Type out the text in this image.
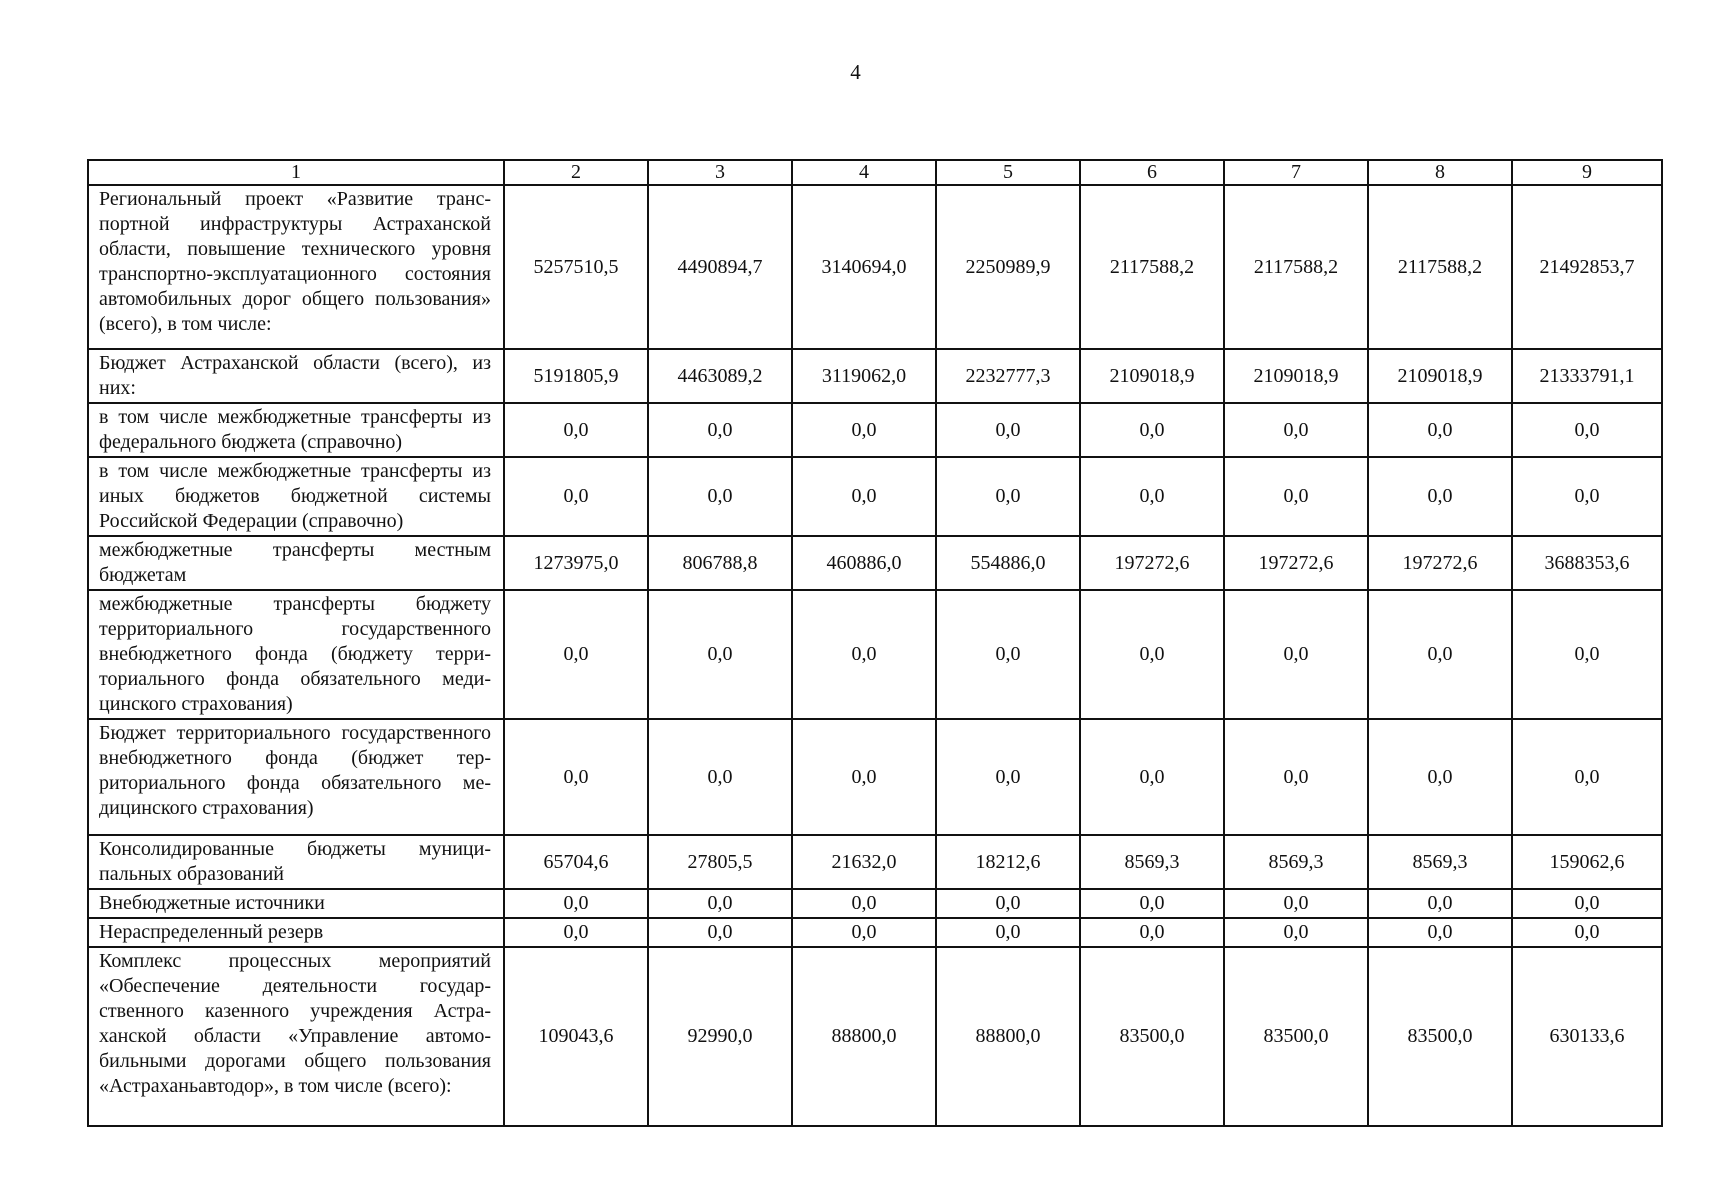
4
1	2	3	4	5	6	7	8	9
Региональный проект «Развитие транспортной инфраструктуры Астраханской области, повышение технического уровня транспортно-эксплуатационного состояния автомобильных дорог общего пользования» (всего), в том числе:	5257510,5	4490894,7	3140694,0	2250989,9	2117588,2	2117588,2	2117588,2	21492853,7
Бюджет Астраханской области (всего), из них:	5191805,9	4463089,2	3119062,0	2232777,3	2109018,9	2109018,9	2109018,9	21333791,1
в том числе межбюджетные трансферты из федерального бюджета (справочно)	0,0	0,0	0,0	0,0	0,0	0,0	0,0	0,0
в том числе межбюджетные трансферты из иных бюджетов бюджетной системы Российской Федерации (справочно)	0,0	0,0	0,0	0,0	0,0	0,0	0,0	0,0
межбюджетные трансферты местным бюджетам	1273975,0	806788,8	460886,0	554886,0	197272,6	197272,6	197272,6	3688353,6
межбюджетные трансферты бюджету территориального государственного внебюджетного фонда (бюджету территориального фонда обязательного медицинского страхования)	0,0	0,0	0,0	0,0	0,0	0,0	0,0	0,0
Бюджет территориального государственного внебюджетного фонда (бюджет территориального фонда обязательного медицинского страхования)	0,0	0,0	0,0	0,0	0,0	0,0	0,0	0,0
Консолидированные бюджеты муниципальных образований	65704,6	27805,5	21632,0	18212,6	8569,3	8569,3	8569,3	159062,6
Внебюджетные источники	0,0	0,0	0,0	0,0	0,0	0,0	0,0	0,0
Нераспределенный резерв	0,0	0,0	0,0	0,0	0,0	0,0	0,0	0,0
Комплекс процессных мероприятий «Обеспечение деятельности государственного казенного учреждения Астраханской области «Управление автомобильными дорогами общего пользования «Астраханьавтодор», в том числе (всего):	109043,6	92990,0	88800,0	88800,0	83500,0	83500,0	83500,0	630133,6
